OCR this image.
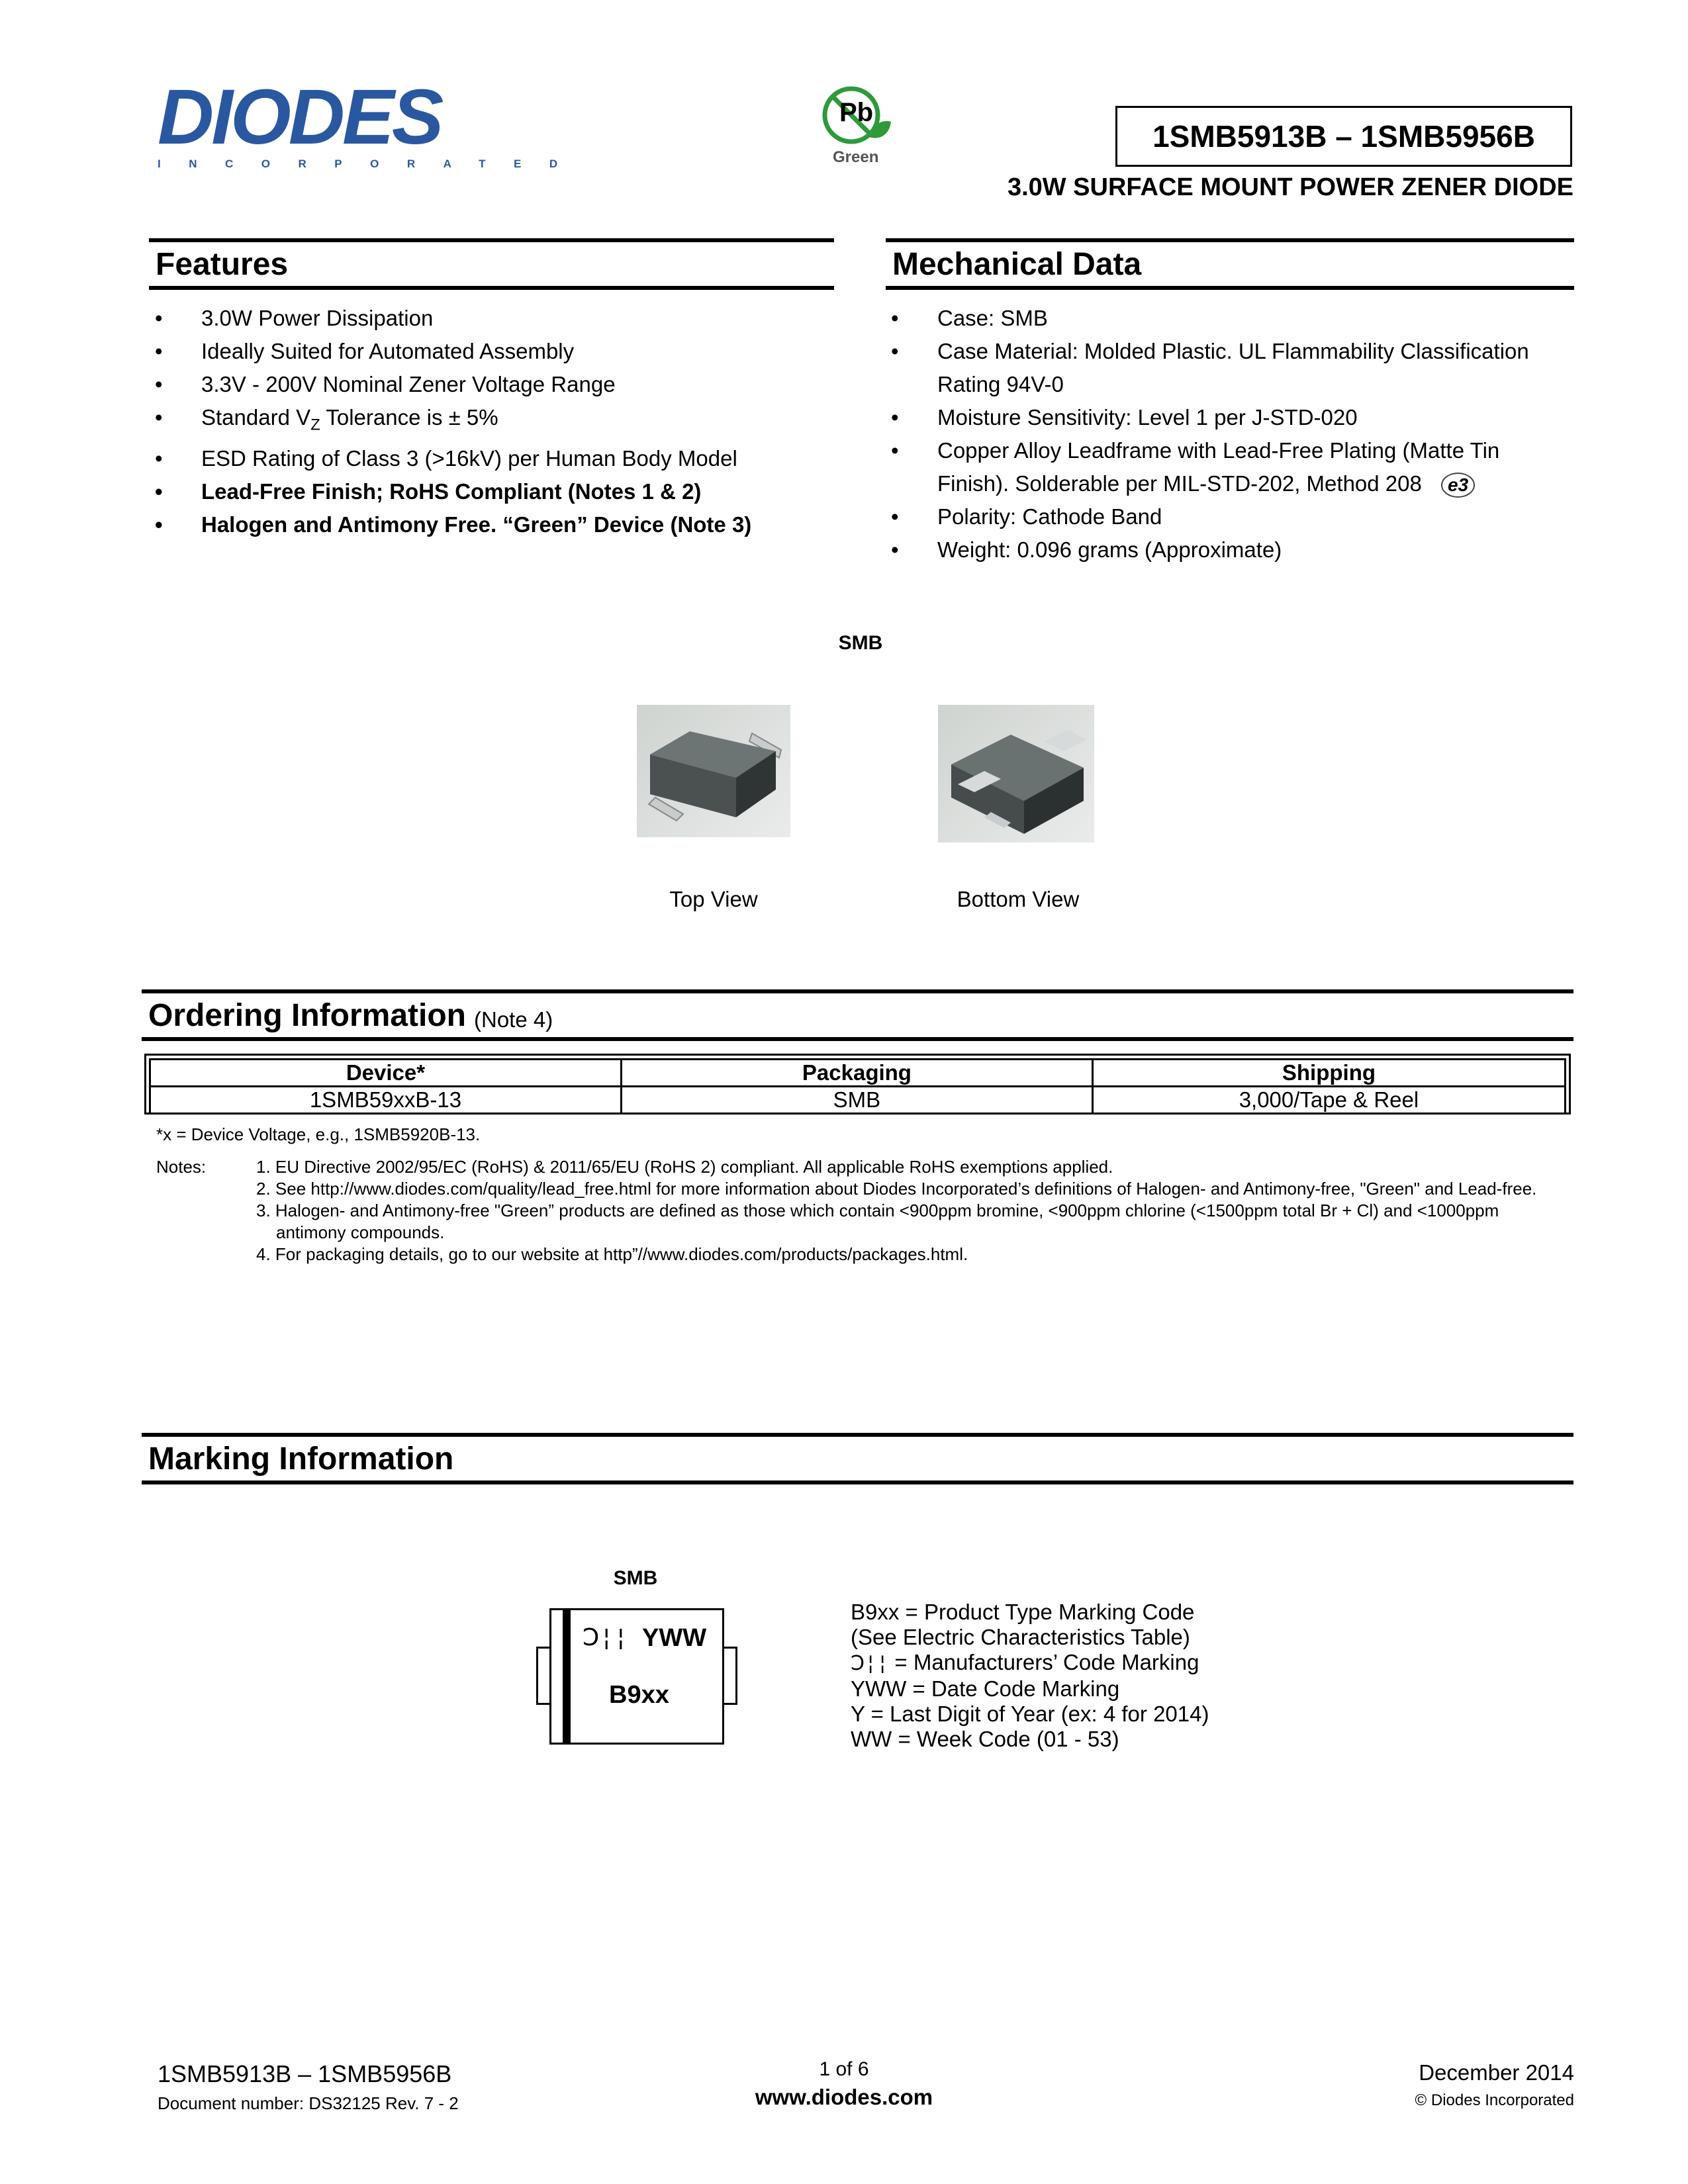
DIODES
INCORPORATED
Pb
Green
1SMB5913B – 1SMB5956B
3.0W SURFACE MOUNT POWER ZENER DIODE
Features
• 3.0W Power Dissipation
• Ideally Suited for Automated Assembly
• 3.3V - 200V Nominal Zener Voltage Range
• Standard $V_Z$ Tolerance is ± 5%
• ESD Rating of Class 3 (>16kV) per Human Body Model
• Lead-Free Finish; RoHS Compliant (Notes 1 & 2)
• Halogen and Antimony Free. “Green” Device (Note 3)
Mechanical Data
• Case: SMB
• Case Material: Molded Plastic. UL Flammability Classification Rating 94V-0
• Moisture Sensitivity: Level 1 per J-STD-020
• Copper Alloy Leadframe with Lead-Free Plating (Matte Tin Finish). Solderable per MIL-STD-202, Method 208 e3
• Polarity: Cathode Band
• Weight: 0.096 grams (Approximate)
SMB
Top View	Bottom View
Ordering Information (Note 4)
Device*	Packaging	Shipping
1SMB59xxB-13	SMB	3,000/Tape & Reel
*x = Device Voltage, e.g., 1SMB5920B-13.
Notes:	1. EU Directive 2002/95/EC (RoHS) & 2011/65/EU (RoHS 2) compliant. All applicable RoHS exemptions applied.
2. See http://www.diodes.com/quality/lead_free.html for more information about Diodes Incorporated’s definitions of Halogen- and Antimony-free, "Green" and Lead-free.
3. Halogen- and Antimony-free "Green” products are defined as those which contain <900ppm bromine, <900ppm chlorine (<1500ppm total Br + Cl) and <1000ppm antimony compounds.
4. For packaging details, go to our website at http”//www.diodes.com/products/packages.html.
Marking Information
SMB
Ↄ¦¦ YWW
B9xx
B9xx = Product Type Marking Code
(See Electric Characteristics Table)
Ↄ¦¦ = Manufacturers’ Code Marking
YWW = Date Code Marking
Y = Last Digit of Year (ex: 4 for 2014)
WW = Week Code (01 - 53)
1SMB5913B – 1SMB5956B
Document number: DS32125 Rev. 7 - 2
1 of 6
www.diodes.com
December 2014
© Diodes Incorporated
